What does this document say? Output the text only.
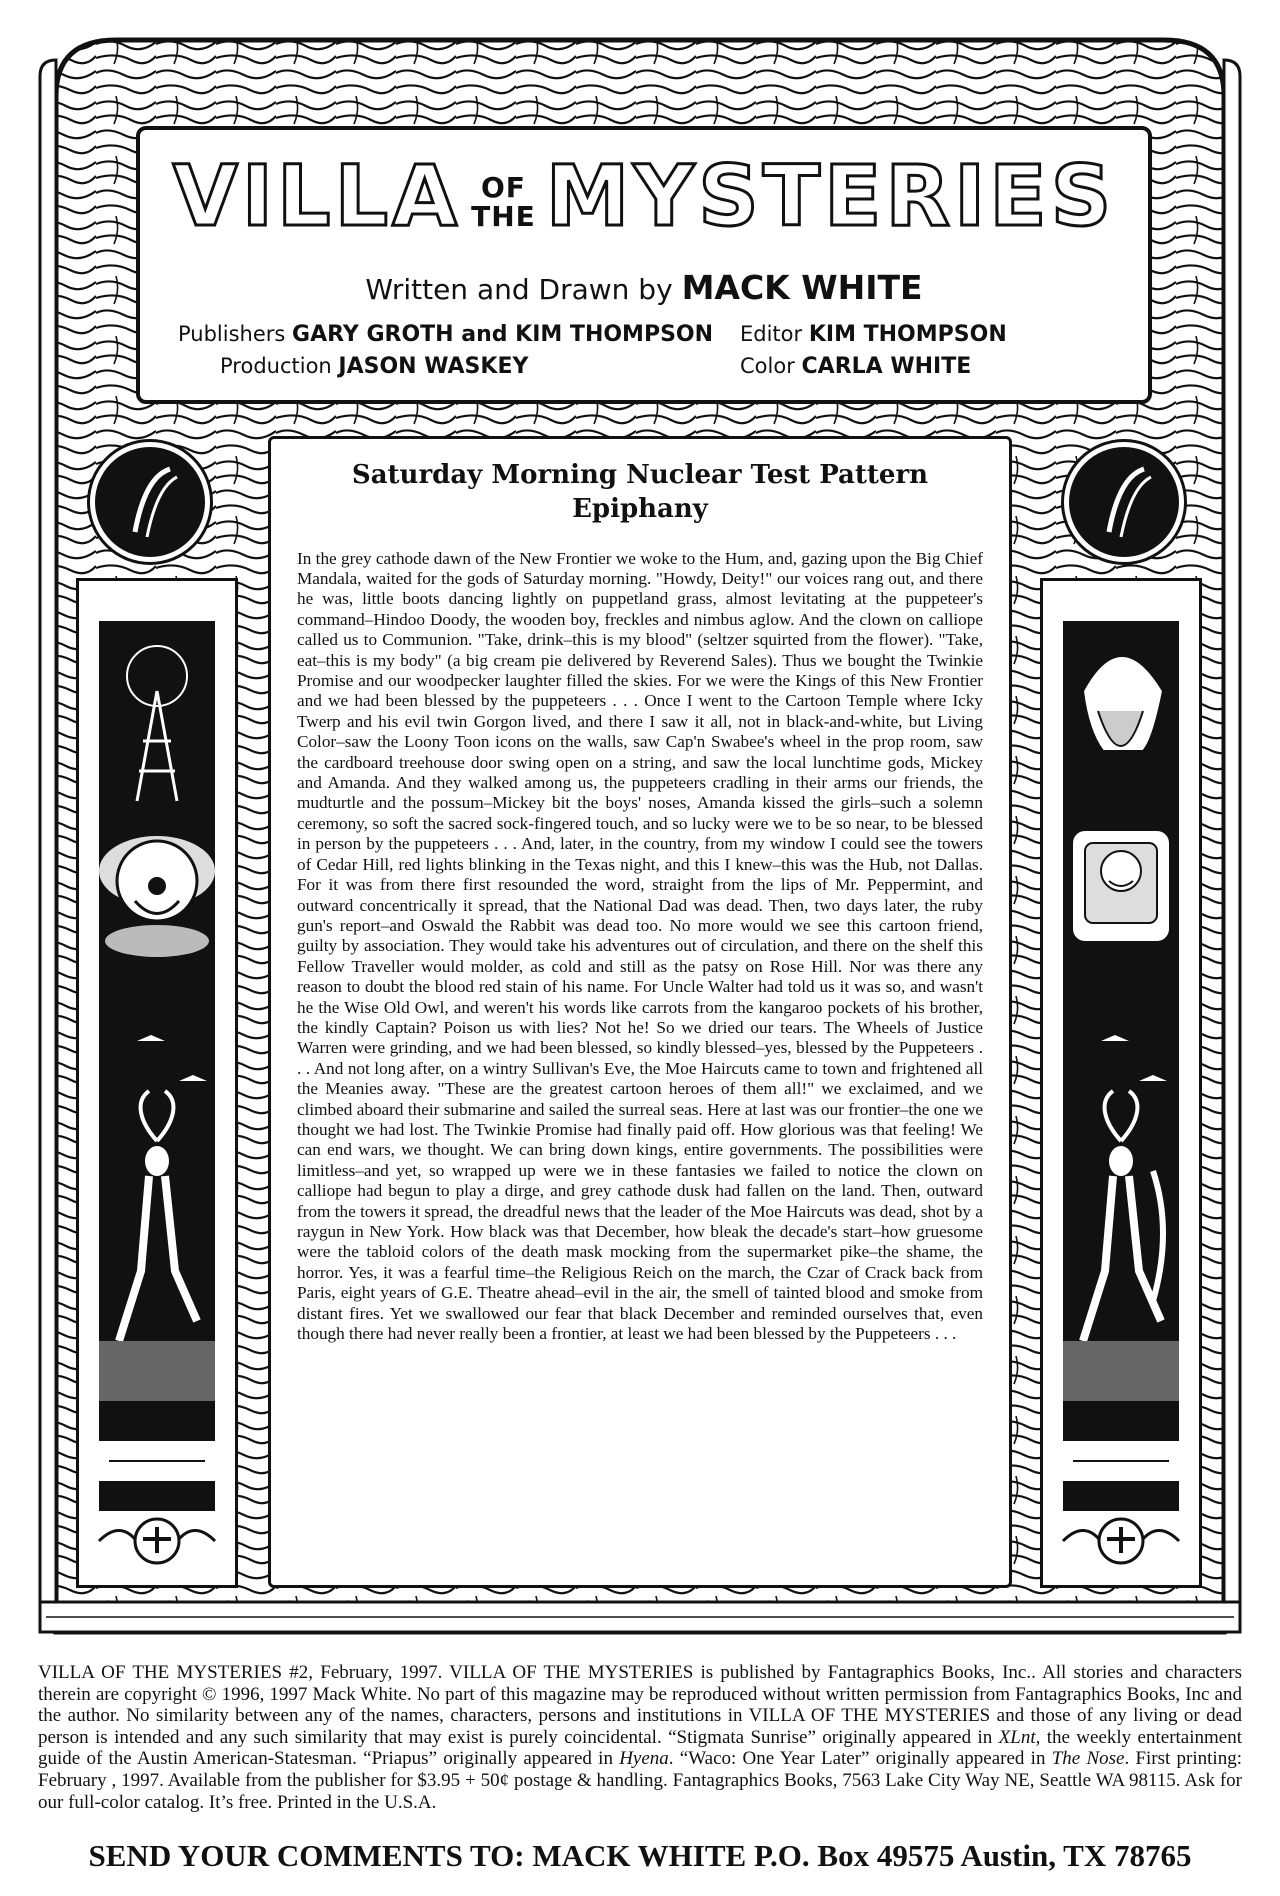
VILLA OF
THE MYSTERIES
Written and Drawn by MACK WHITE
Publishers GARY GROTH and KIM THOMPSON
Production JASON WASKEY
Editor KIM THOMPSON
Color CARLA WHITE
Saturday Morning Nuclear Test Pattern
Epiphany
In the grey cathode dawn of the New Frontier we woke to the Hum, and, gazing upon the Big Chief Mandala, waited for the gods of Saturday morning. "Howdy, Deity!" our voices rang out, and there he was, little boots dancing lightly on puppetland grass, almost levitating at the puppeteer's command–Hindoo Doody, the wooden boy, freckles and nimbus aglow. And the clown on calliope called us to Communion. "Take, drink–this is my blood" (seltzer squirted from the flower). "Take, eat–this is my body" (a big cream pie delivered by Reverend Sales). Thus we bought the Twinkie Promise and our woodpecker laughter filled the skies. For we were the Kings of this New Frontier and we had been blessed by the puppeteers . . . Once I went to the Cartoon Temple where Icky Twerp and his evil twin Gorgon lived, and there I saw it all, not in black-and-white, but Living Color–saw the Loony Toon icons on the walls, saw Cap'n Swabee's wheel in the prop room, saw the cardboard treehouse door swing open on a string, and saw the local lunchtime gods, Mickey and Amanda. And they walked among us, the puppeteers cradling in their arms our friends, the mudturtle and the possum–Mickey bit the boys' noses, Amanda kissed the girls–such a solemn ceremony, so soft the sacred sock-fingered touch, and so lucky were we to be so near, to be blessed in person by the puppeteers . . . And, later, in the country, from my window I could see the towers of Cedar Hill, red lights blinking in the Texas night, and this I knew–this was the Hub, not Dallas. For it was from there first resounded the word, straight from the lips of Mr. Peppermint, and outward concentrically it spread, that the National Dad was dead. Then, two days later, the ruby gun's report–and Oswald the Rabbit was dead too. No more would we see this cartoon friend, guilty by association. They would take his adventures out of circulation, and there on the shelf this Fellow Traveller would molder, as cold and still as the patsy on Rose Hill. Nor was there any reason to doubt the blood red stain of his name. For Uncle Walter had told us it was so, and wasn't he the Wise Old Owl, and weren't his words like carrots from the kangaroo pockets of his brother, the kindly Captain? Poison us with lies? Not he! So we dried our tears. The Wheels of Justice Warren were grinding, and we had been blessed, so kindly blessed–yes, blessed by the Puppeteers . . . And not long after, on a wintry Sullivan's Eve, the Moe Haircuts came to town and frightened all the Meanies away. "These are the greatest cartoon heroes of them all!" we exclaimed, and we climbed aboard their submarine and sailed the surreal seas. Here at last was our frontier–the one we thought we had lost. The Twinkie Promise had finally paid off. How glorious was that feeling! We can end wars, we thought. We can bring down kings, entire governments. The possibilities were limitless–and yet, so wrapped up were we in these fantasies we failed to notice the clown on calliope had begun to play a dirge, and grey cathode dusk had fallen on the land. Then, outward from the towers it spread, the dreadful news that the leader of the Moe Haircuts was dead, shot by a raygun in New York. How black was that December, how bleak the decade's start–how gruesome were the tabloid colors of the death mask mocking from the supermarket pike–the shame, the horror. Yes, it was a fearful time–the Religious Reich on the march, the Czar of Crack back from Paris, eight years of G.E. Theatre ahead–evil in the air, the smell of tainted blood and smoke from distant fires. Yet we swallowed our fear that black December and reminded ourselves that, even though there had never really been a frontier, at least we had been blessed by the Puppeteers . . .
VILLA OF THE MYSTERIES #2, February, 1997. VILLA OF THE MYSTERIES is published by Fantagraphics Books, Inc.. All stories and characters therein are copyright © 1996, 1997 Mack White. No part of this magazine may be reproduced without written permission from Fantagraphics Books, Inc and the author. No similarity between any of the names, characters, persons and institutions in VILLA OF THE MYSTERIES and those of any living or dead person is intended and any such similarity that may exist is purely coincidental. “Stigmata Sunrise” originally appeared in XLnt, the weekly entertainment guide of the Austin American-Statesman. “Priapus” originally appeared in Hyena. “Waco: One Year Later” originally appeared in The Nose. First printing: February , 1997. Available from the publisher for $3.95 + 50¢ postage & handling. Fantagraphics Books, 7563 Lake City Way NE, Seattle WA 98115. Ask for our full-color catalog. It’s free. Printed in the U.S.A.
SEND YOUR COMMENTS TO: MACK WHITE P.O. Box 49575 Austin, TX 78765
